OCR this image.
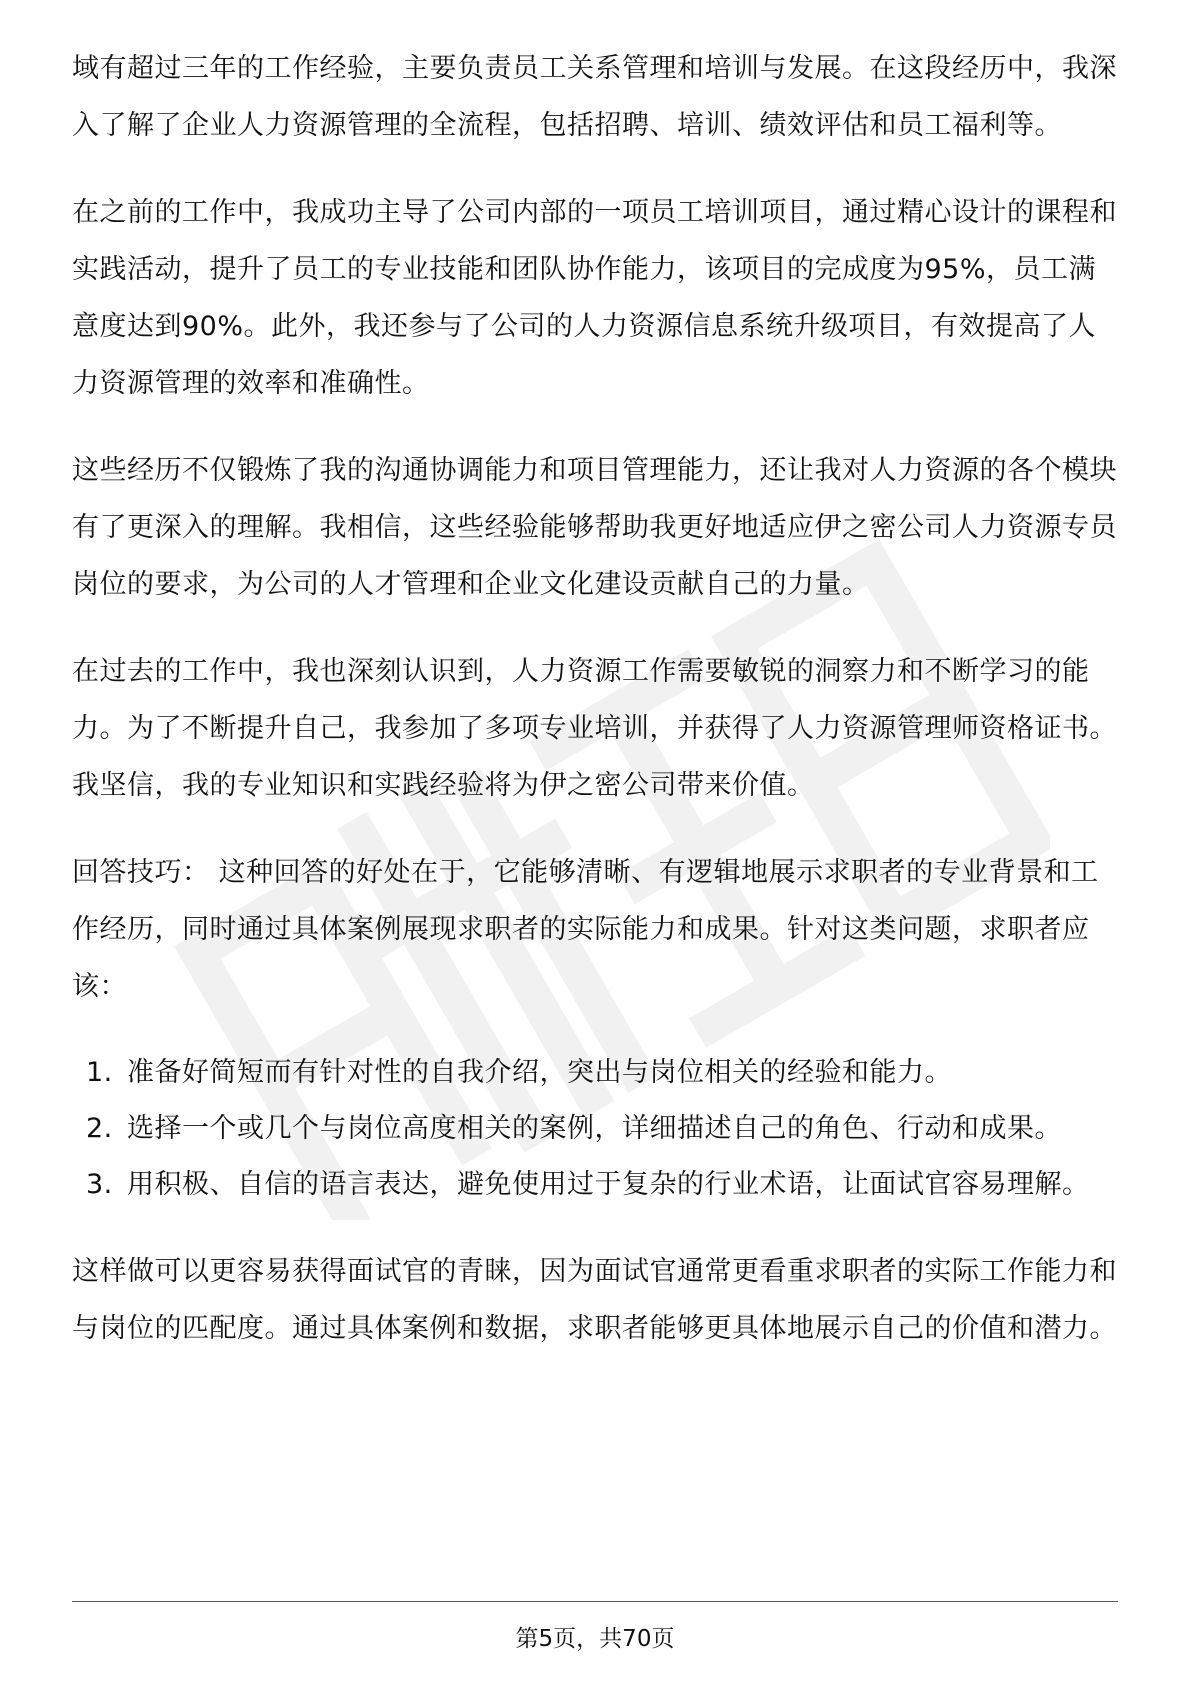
域有超过三年的工作经验，主要负责员工关系管理和培训与发展。在这段经历中，我深入了解了企业人力资源管理的全流程，包括招聘、培训、绩效评估和员工福利等。

在之前的工作中，我成功主导了公司内部的一项员工培训项目，通过精心设计的课程和实践活动，提升了员工的专业技能和团队协作能力，该项目的完成度为95%，员工满意度达到90%。此外，我还参与了公司的人力资源信息系统升级项目，有效提高了人力资源管理的效率和准确性。

这些经历不仅锻炼了我的沟通协调能力和项目管理能力，还让我对人力资源的各个模块有了更深入的理解。我相信，这些经验能够帮助我更好地适应伊之密公司人力资源专员岗位的要求，为公司的人才管理和企业文化建设贡献自己的力量。

在过去的工作中，我也深刻认识到，人力资源工作需要敏锐的洞察力和不断学习的能力。为了不断提升自己，我参加了多项专业培训，并获得了人力资源管理师资格证书。我坚信，我的专业知识和实践经验将为伊之密公司带来价值。

回答技巧： 这种回答的好处在于，它能够清晰、有逻辑地展示求职者的专业背景和工作经历，同时通过具体案例展现求职者的实际能力和成果。针对这类问题，求职者应该：

1. 准备好简短而有针对性的自我介绍，突出与岗位相关的经验和能力。
2. 选择一个或几个与岗位高度相关的案例，详细描述自己的角色、行动和成果。
3. 用积极、自信的语言表达，避免使用过于复杂的行业术语，让面试官容易理解。

这样做可以更容易获得面试官的青睐，因为面试官通常更看重求职者的实际工作能力和与岗位的匹配度。通过具体案例和数据，求职者能够更具体地展示自己的价值和潜力。

第5页，共70页
